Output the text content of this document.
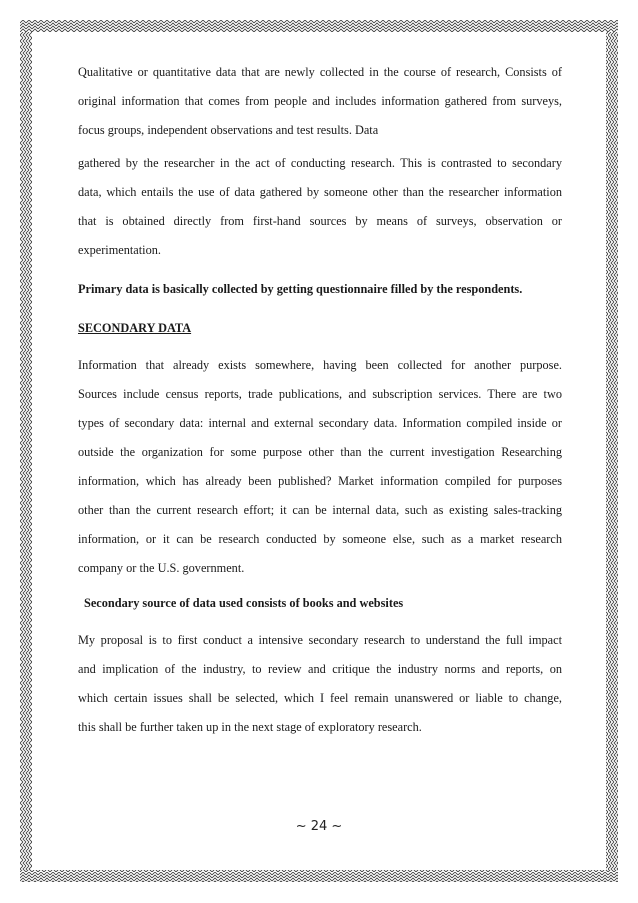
Qualitative or quantitative data that are newly collected in the course of research, Consists of

original information that comes from people and includes information gathered from surveys,

focus groups, independent observations and test results. Data

gathered by the researcher in the act of conducting research. This is contrasted to secondary

data, which entails the use of data gathered by someone other than the researcher information

that is obtained directly from first-hand sources by means of surveys, observation or

experimentation.

Primary data is basically collected by getting questionnaire filled by the respondents.

SECONDARY DATA

Information that already exists somewhere, having been collected for another purpose.

Sources include census reports, trade publications, and subscription services. There are two

types of secondary data: internal and external secondary data. Information compiled inside or

outside the organization for some purpose other than the current investigation Researching

information, which has already been published? Market information compiled for purposes

other than the current research effort; it can be internal data, such as existing sales-tracking

information, or it can be research conducted by someone else, such as a market research

company or the U.S. government.

Secondary source of data used consists of books and websites

My proposal is to first conduct a intensive secondary research to understand the full impact

and implication of the industry, to review and critique the industry norms and reports, on

which certain issues shall be selected, which I feel remain unanswered or liable to change,

this shall be further taken up in the next stage of exploratory research.

~ 24 ~
